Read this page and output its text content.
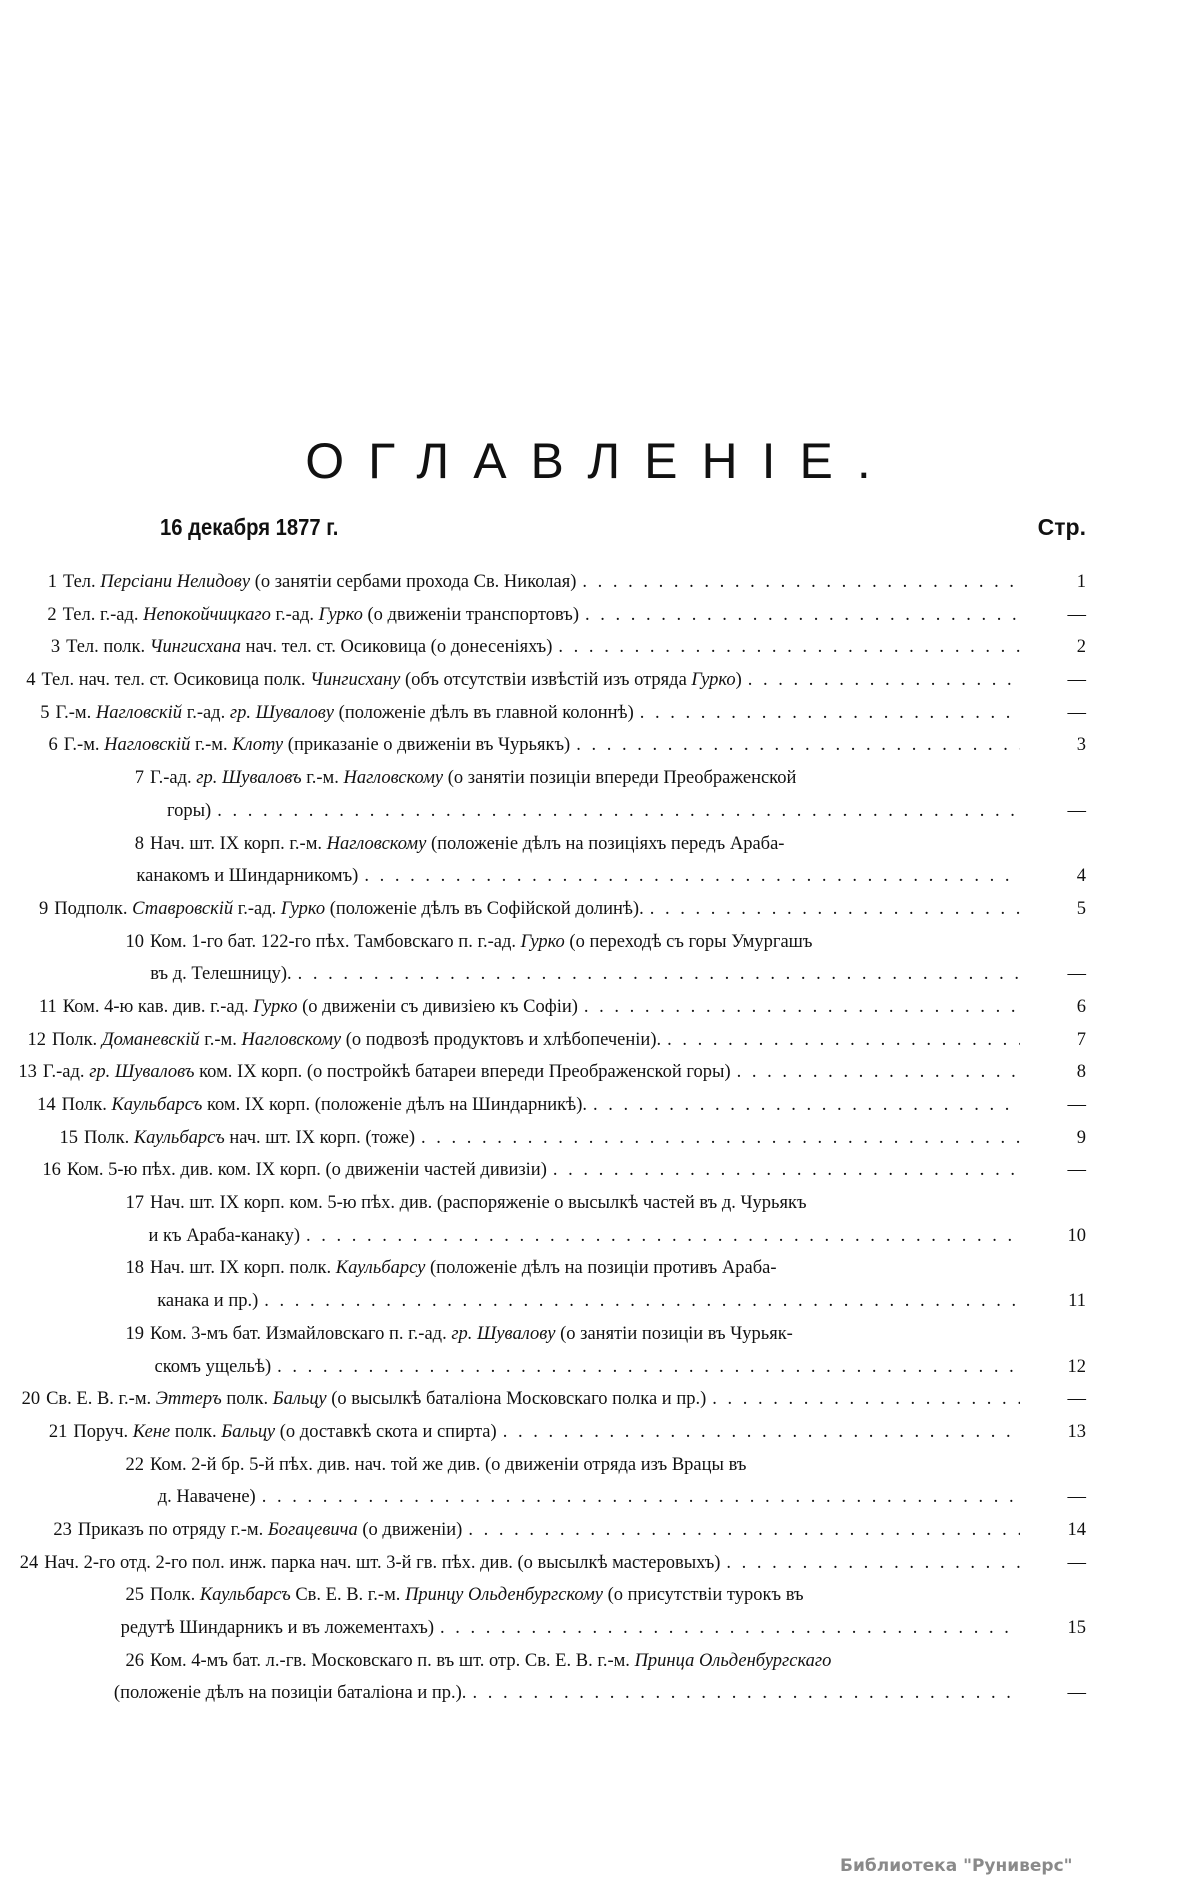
ОГЛАВЛЕНІЕ.
16 декабря 1877 г.	Стр.
1 Тел. Персіани Нелидову (о занятіи сербами прохода Св. Николая) . . .	1
2 Тел. г.-ад. Непокойчицкаго г.-ад. Гурко (о движеніи транспортовъ) . . .	—
3 Тел. полк. Чингисхана нач. тел. ст. Осиковица (о донесеніяхъ) . . .	2
4 Тел. нач. тел. ст. Осиковица полк. Чингисхану (объ отсутствіи извѣстій изъ отряда Гурко) . . .	—
5 Г.-м. Нагловскій г.-ад. гр. Шувалову (положеніе дѣлъ въ главной колоннѣ) . . .	—
6 Г.-м. Нагловскій г.-м. Клоту (приказаніе о движеніи въ Чурьякъ) . . .	3
7 Г.-ад. гр. Шуваловъ г.-м. Нагловскому (о занятіи позиціи впереди Преображенской
горы) . . .	—
8 Нач. шт. IX корп. г.-м. Нагловскому (положеніе дѣлъ на позиціяхъ передъ Араба-
канакомъ и Шиндарникомъ) . . .	4
9 Подполк. Ставровскій г.-ад. Гурко (положеніе дѣлъ въ Софійской долинѣ). . . .	5
10 Ком. 1-го бат. 122-го пѣх. Тамбовскаго п. г.-ад. Гурко (о переходѣ съ горы Умургашъ
въ д. Телешницу). . . .	—
11 Ком. 4-ю кав. див. г.-ад. Гурко (о движеніи съ дивизіею къ Софіи) . . .	6
12 Полк. Доманевскій г.-м. Нагловскому (о подвозѣ продуктовъ и хлѣбопеченіи). . . .	7
13 Г.-ад. гр. Шуваловъ ком. IX корп. (о постройкѣ батареи впереди Преображенской горы) . . .	8
14 Полк. Каульбарсъ ком. IX корп. (положеніе дѣлъ на Шиндарникѣ). . . .	—
15 Полк. Каульбарсъ нач. шт. IX корп. (тоже) . . .	9
16 Ком. 5-ю пѣх. див. ком. IX корп. (о движеніи частей дивизіи) . . .	—
17 Нач. шт. IX корп. ком. 5-ю пѣх. див. (распоряженіе о высылкѣ частей въ д. Чурьякъ
и къ Араба-канаку) . . .	10
18 Нач. шт. IX корп. полк. Каульбарсу (положеніе дѣлъ на позиціи противъ Араба-
канака и пр.) . . .	11
19 Ком. 3-мъ бат. Измайловскаго п. г.-ад. гр. Шувалову (о занятіи позиціи въ Чурьяк-
скомъ ущельѣ) . . .	12
20 Св. Е. В. г.-м. Эттеръ полк. Бальцу (о высылкѣ баталіона Московскаго полка и пр.) . . .	—
21 Поруч. Кене полк. Бальцу (о доставкѣ скота и спирта) . . .	13
22 Ком. 2-й бр. 5-й пѣх. див. нач. той же див. (о движеніи отряда изъ Врацы въ
д. Навачене) . . .	—
23 Приказъ по отряду г.-м. Богацевича (о движеніи) . . .	14
24 Нач. 2-го отд. 2-го пол. инж. парка нач. шт. 3-й гв. пѣх. див. (о высылкѣ мастеровыхъ) . . .	—
25 Полк. Каульбарсъ Св. Е. В. г.-м. Принцу Ольденбургскому (о присутствіи турокъ въ
редутѣ Шиндарникъ и въ ложементахъ) . . .	15
26 Ком. 4-мъ бат. л.-гв. Московскаго п. въ шт. отр. Св. Е. В. г.-м. Принца Ольденбургскаго
(положеніе дѣлъ на позиціи баталіона и пр.). . . .	—
Библиотека "Руниверс"
